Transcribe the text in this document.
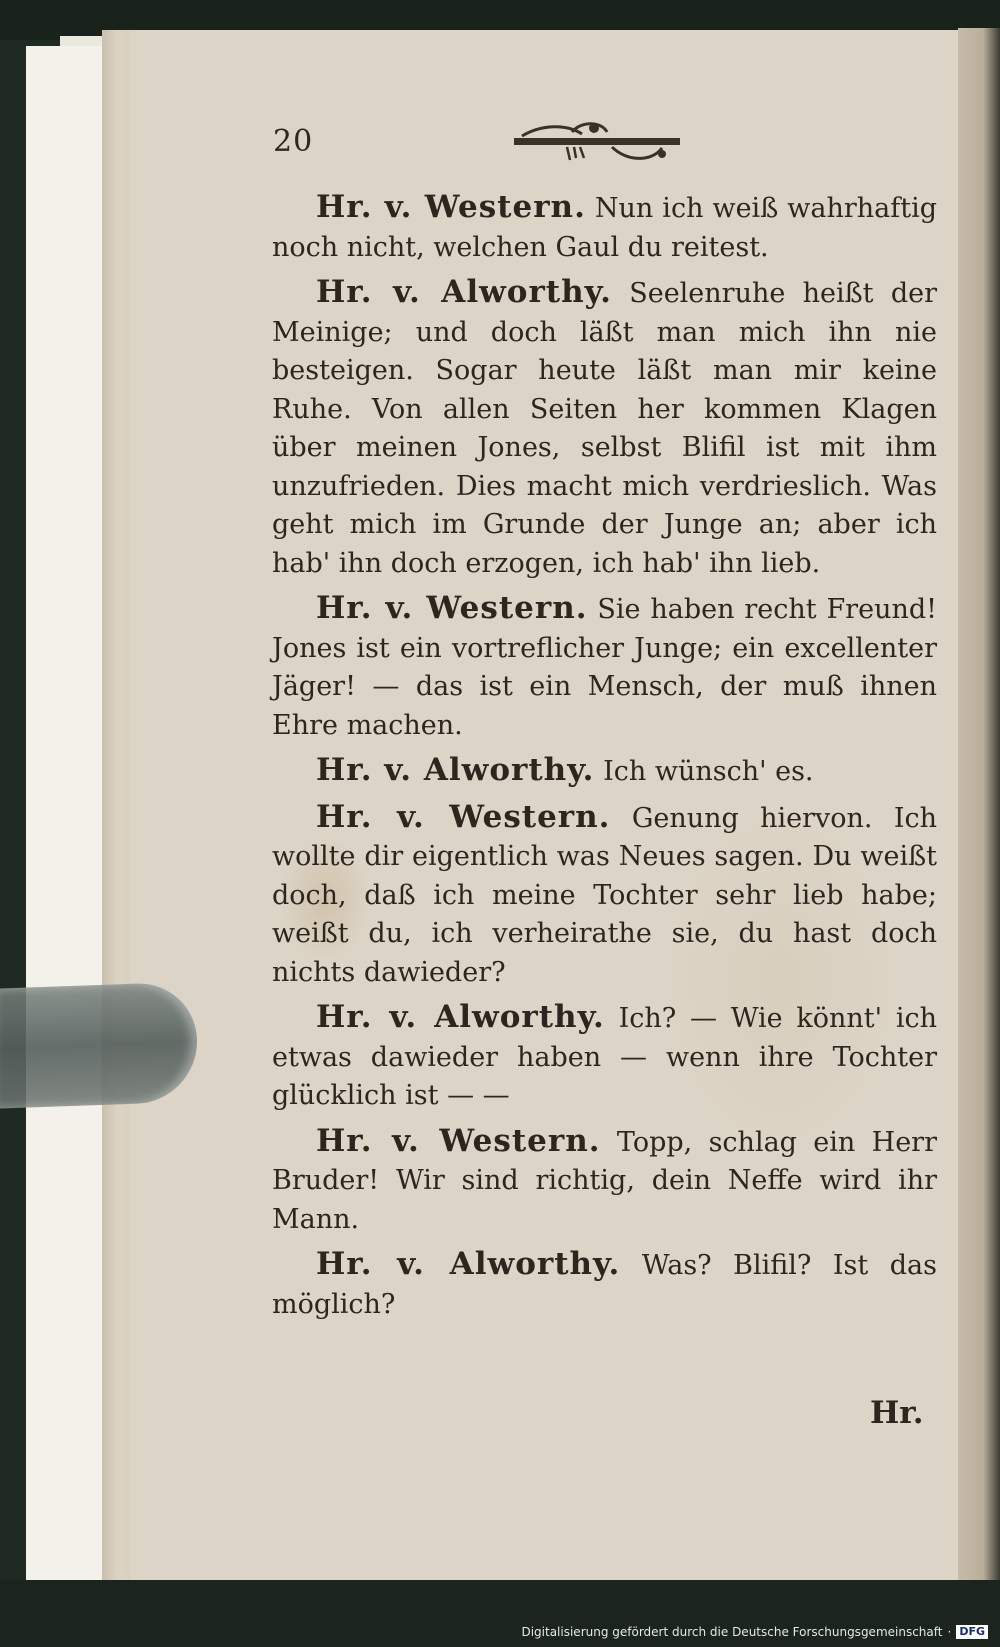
20

Hr. v. Western. Nun ich weiß wahrhaftig noch nicht, welchen Gaul du reitest.

Hr. v. Alworthy. Seelenruhe heißt der Meinige; und doch läßt man mich ihn nie besteigen. Sogar heute läßt man mir keine Ruhe. Von allen Seiten her kommen Klagen über meinen Jones, selbst Blifil ist mit ihm unzufrieden. Dies macht mich verdrieslich. Was geht mich im Grunde der Junge an; aber ich hab' ihn doch erzogen, ich hab' ihn lieb.

Hr. v. Western. Sie haben recht Freund! Jones ist ein vortreflicher Junge; ein excellenter Jäger! — das ist ein Mensch, der muß ihnen Ehre machen.

Hr. v. Alworthy. Ich wünsch' es.

Hr. v. Western. Genung hiervon. Ich wollte dir eigentlich was Neues sagen. Du weißt doch, daß ich meine Tochter sehr lieb habe; weißt du, ich verheirathe sie, du hast doch nichts dawieder?

Hr. v. Alworthy. Ich? — Wie könnt' ich etwas dawieder haben — wenn ihre Tochter glücklich ist — —

Hr. v. Western. Topp, schlag ein Herr Bruder! Wir sind richtig, dein Neffe wird ihr Mann.

Hr. v. Alworthy. Was? Blifil? Ist das möglich?

Hr.
Digitalisierung gefördert durch die Deutsche Forschungsgemeinschaft · DFG
